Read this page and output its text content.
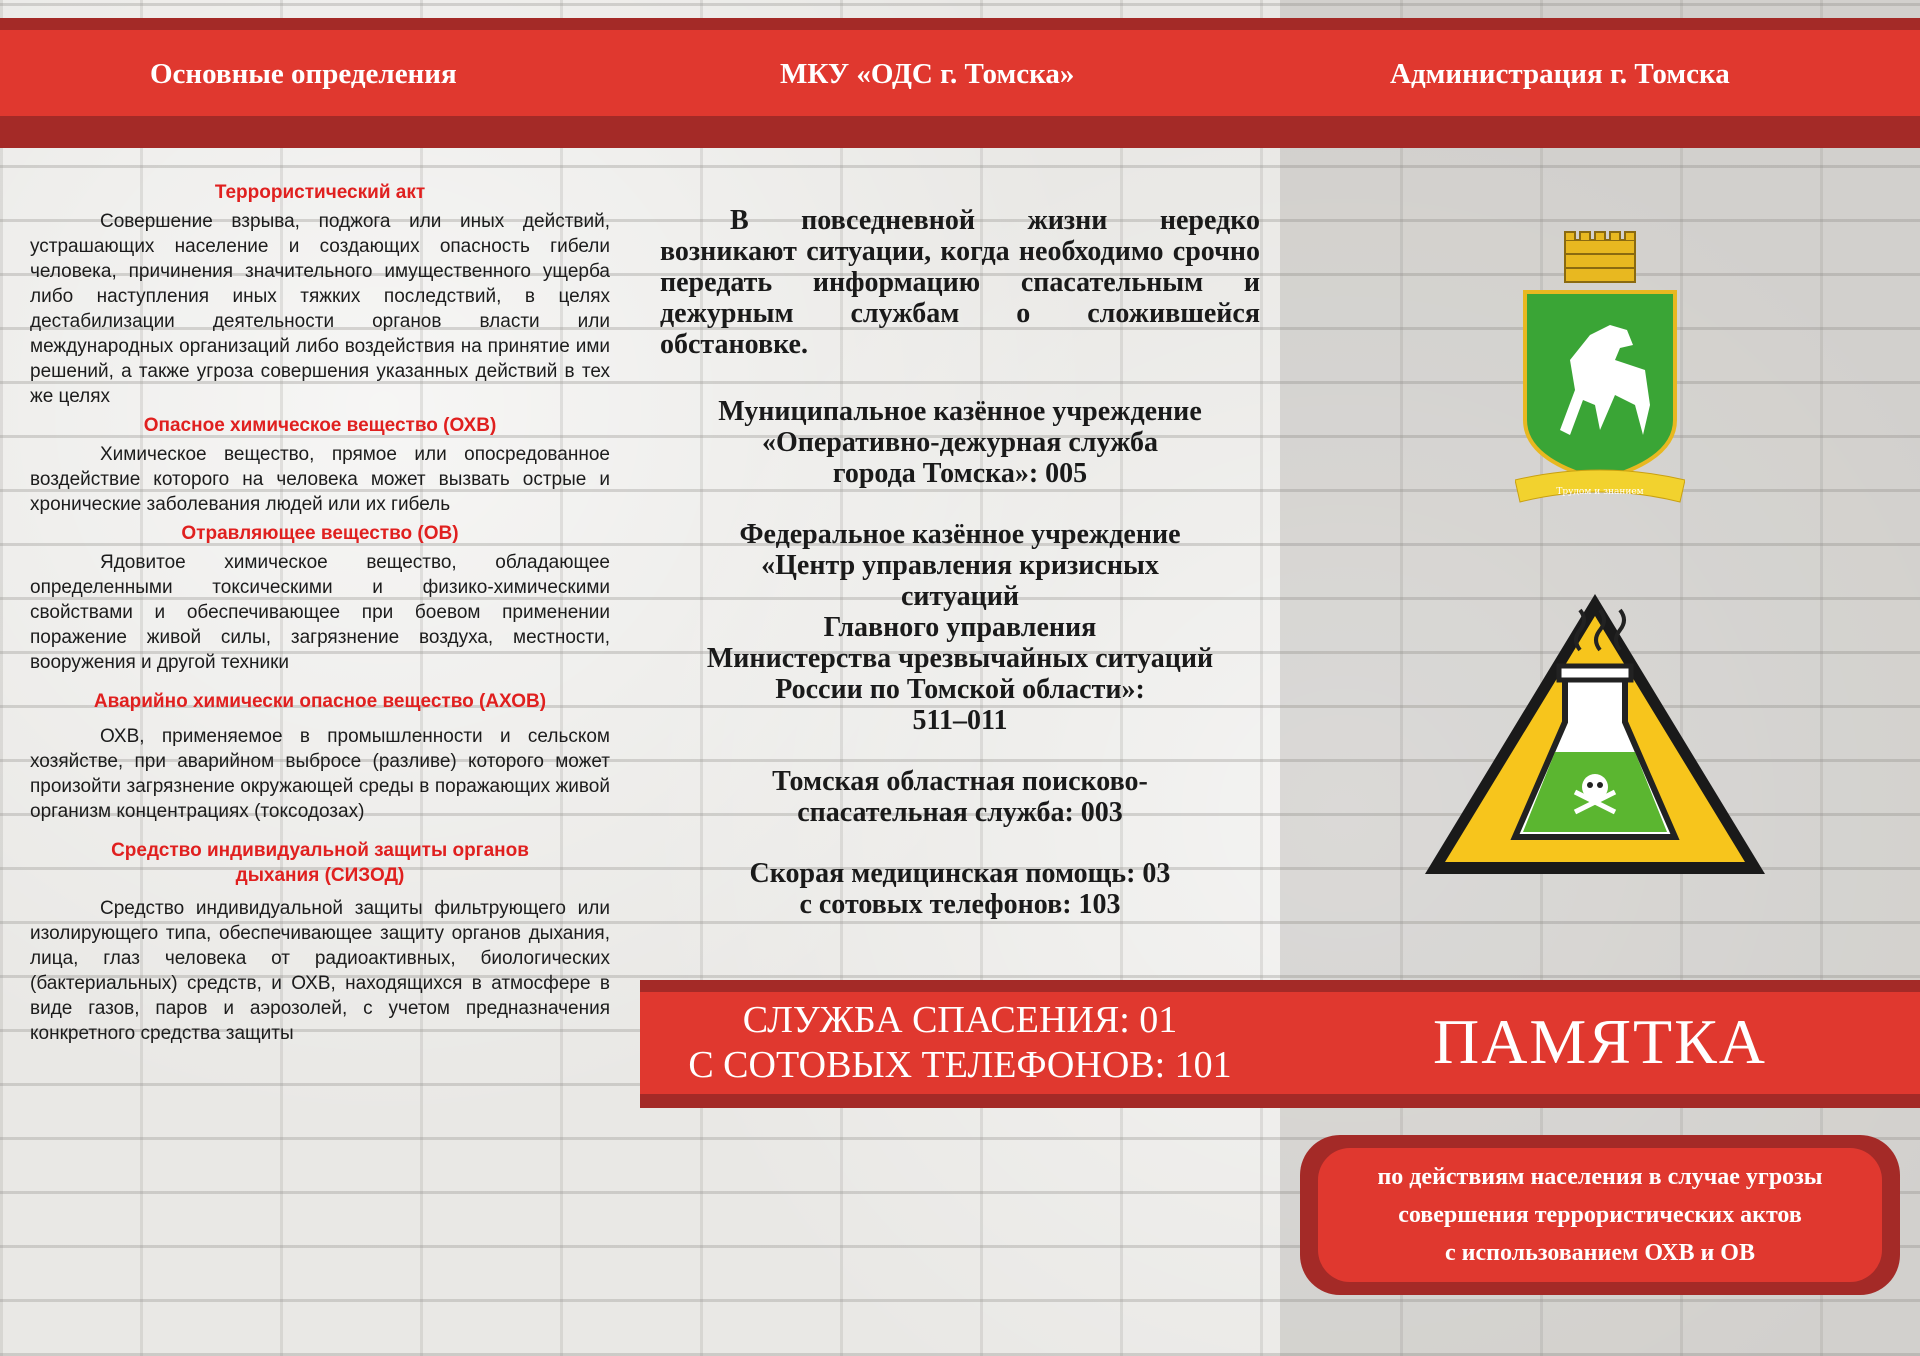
Основные определения	МКУ «ОДС г. Томска»	Администрация г. Томска

Террористический акт

Совершение взрыва, поджога или иных действий, устрашающих население и создающих опасность гибели человека, причинения значительного имущественного ущерба либо наступления иных тяжких последствий, в целях дестабилизации деятельности органов власти или международных организаций либо воздействия на принятие ими решений, а также угроза совершения указанных действий в тех же целях

Опасное химическое вещество (ОХВ)

Химическое вещество, прямое или опосредованное воздействие которого на человека может вызвать острые и хронические заболевания людей или их гибель

Отравляющее вещество (ОВ)

Ядовитое химическое вещество, обладающее определенными токсическими и физико-химическими свойствами и обеспечивающее при боевом применении поражение живой силы, загрязнение воздуха, местности, вооружения и другой техники

Аварийно химически опасное вещество (АХОВ)

ОХВ, применяемое в промышленности и сельском хозяйстве, при аварийном выбросе (разливе) которого может произойти загрязнение окружающей среды в поражающих живой организм концентрациях (токсодозах)

Средство индивидуальной защиты органов дыхания (СИЗОД)

Средство индивидуальной защиты фильтрующего или изолирующего типа, обеспечивающее защиту органов дыхания, лица, глаз человека от радиоактивных, биологических (бактериальных) средств, и ОХВ, находящихся в атмосфере в виде газов, паров и аэрозолей, с учетом предназначения конкретного средства защиты

В повседневной жизни нередко возникают ситуации, когда необходимо срочно передать информацию спасательным и дежурным службам о сложившейся обстановке.

Муниципальное казённое учреждение
«Оперативно-дежурная служба
города Томска»: 005

Федеральное казённое учреждение
«Центр управления кризисных
ситуаций
Главного управления
Министерства чрезвычайных ситуаций
России по Томской области»:
511–011

Томская областная поисково-
спасательная служба: 003

Скорая медицинская помощь: 03
с сотовых телефонов: 103

СЛУЖБА СПАСЕНИЯ: 01
С СОТОВЫХ ТЕЛЕФОНОВ: 101
Трудом и знанием
ПАМЯТКА
по действиям населения в случае угрозы
совершения террористических актов
с использованием ОХВ и ОВ
